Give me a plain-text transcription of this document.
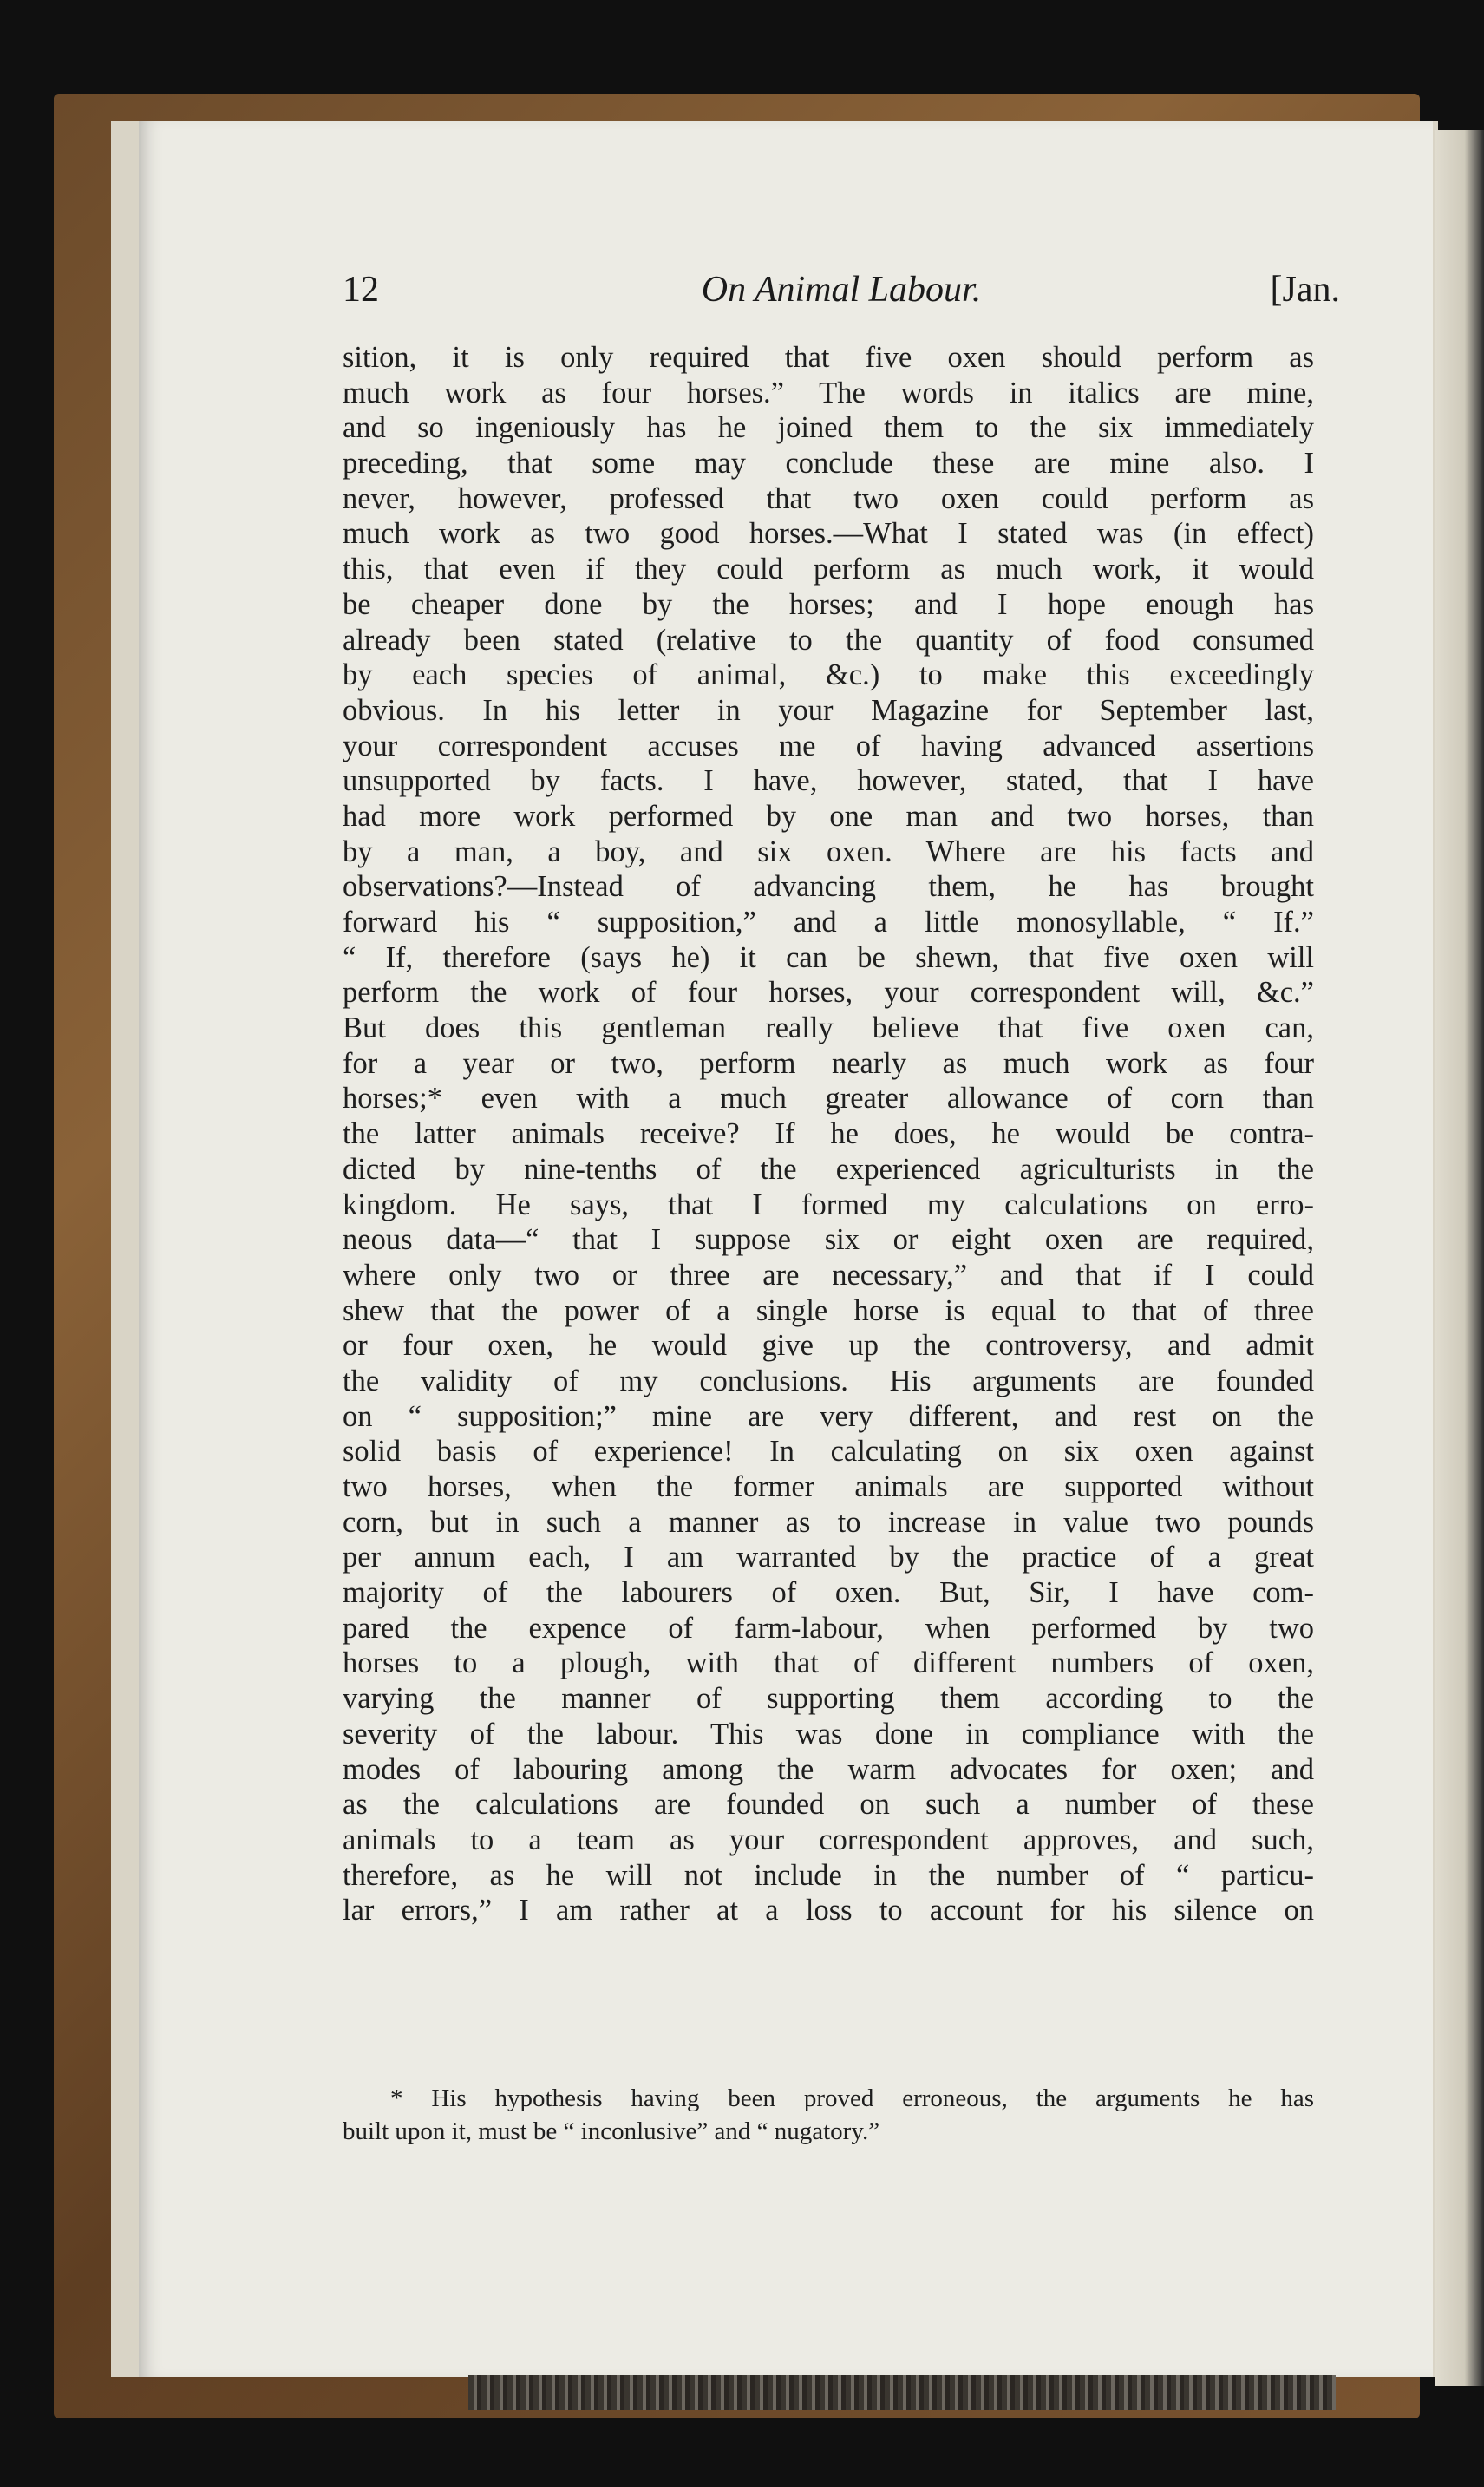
12	On Animal Labour.	[Jan.
sition, it is only required that five oxen should perform as
much work as four horses.” The words in italics are mine,
and so ingeniously has he joined them to the six immediately
preceding, that some may conclude these are mine also. I
never, however, professed that two oxen could perform as
much work as two good horses.—What I stated was (in effect)
this, that even if they could perform as much work, it would
be cheaper done by the horses; and I hope enough has
already been stated (relative to the quantity of food consumed
by each species of animal, &c.) to make this exceedingly
obvious. In his letter in your Magazine for September last,
your correspondent accuses me of having advanced assertions
unsupported by facts. I have, however, stated, that I have
had more work performed by one man and two horses, than
by a man, a boy, and six oxen. Where are his facts and
observations?—Instead of advancing them, he has brought
forward his “ supposition,” and a little monosyllable, “ If.”
“ If, therefore (says he) it can be shewn, that five oxen will
perform the work of four horses, your correspondent will, &c.”
But does this gentleman really believe that five oxen can,
for a year or two, perform nearly as much work as four
horses;* even with a much greater allowance of corn than
the latter animals receive? If he does, he would be contra-
dicted by nine-tenths of the experienced agriculturists in the
kingdom. He says, that I formed my calculations on erro-
neous data—“ that I suppose six or eight oxen are required,
where only two or three are necessary,” and that if I could
shew that the power of a single horse is equal to that of three
or four oxen, he would give up the controversy, and admit
the validity of my conclusions. His arguments are founded
on “ supposition;” mine are very different, and rest on the
solid basis of experience! In calculating on six oxen against
two horses, when the former animals are supported without
corn, but in such a manner as to increase in value two pounds
per annum each, I am warranted by the practice of a great
majority of the labourers of oxen. But, Sir, I have com-
pared the expence of farm-labour, when performed by two
horses to a plough, with that of different numbers of oxen,
varying the manner of supporting them according to the
severity of the labour. This was done in compliance with the
modes of labouring among the warm advocates for oxen; and
as the calculations are founded on such a number of these
animals to a team as your correspondent approves, and such,
therefore, as he will not include in the number of “ particu-
lar errors,” I am rather at a loss to account for his silence on
* His hypothesis having been proved erroneous, the arguments he has
built upon it, must be “ inconlusive” and “ nugatory.”
